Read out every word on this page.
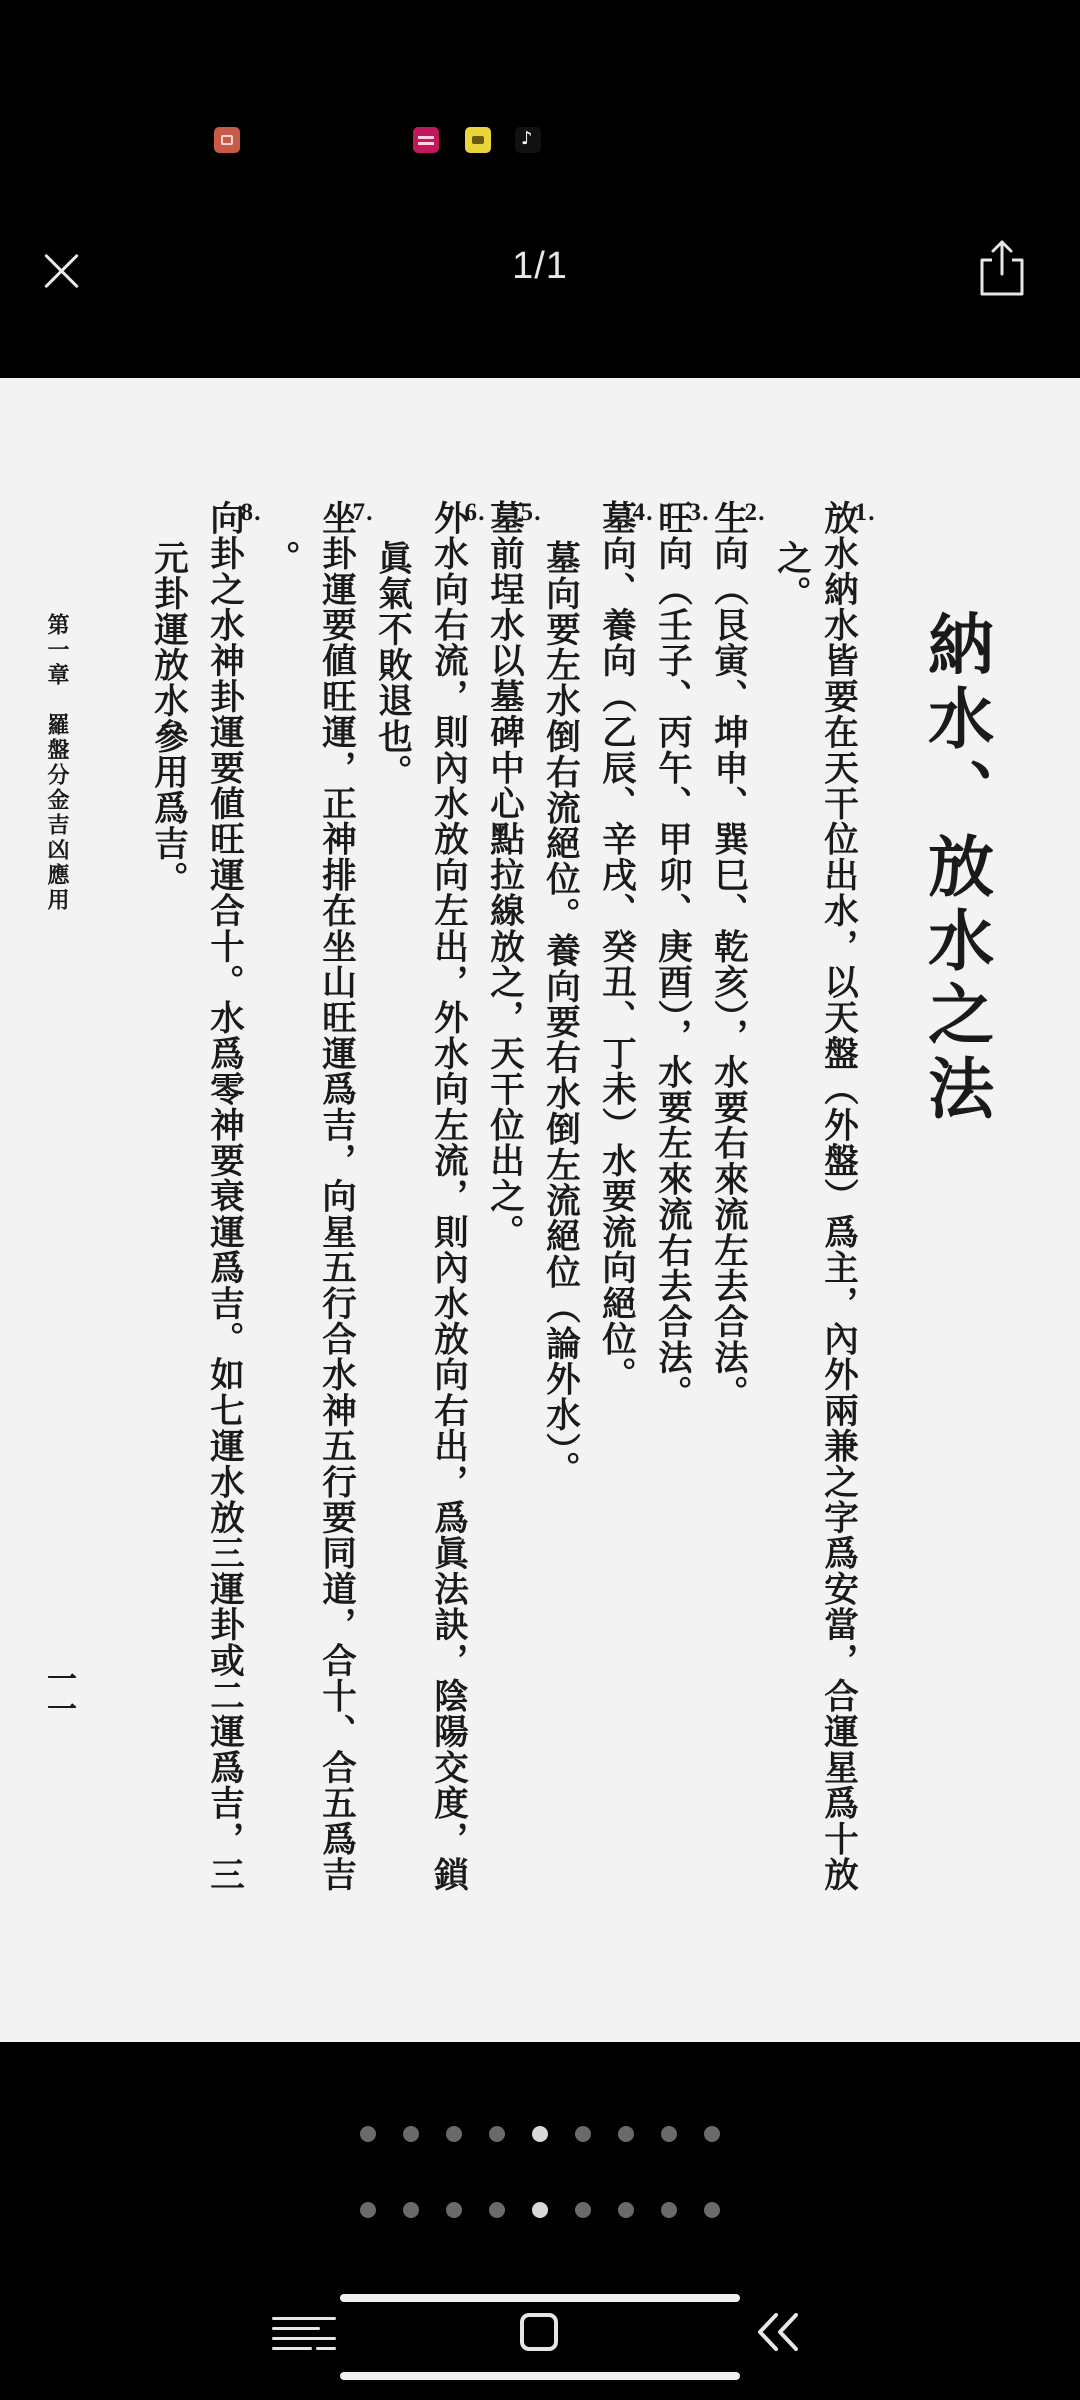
♪
1/1
納水、放水之法
第一章　羅盤分金吉凶應用
一一
1.
放水納水皆要在天干位出水，以天盤（外盤）爲主，內外兩兼之字爲安當，合運星爲十放
之。
2.
生向（艮寅、坤申、巽巳、乾亥），水要右來流左去合法。
3.
旺向（壬子、丙午、甲卯、庚酉），水要左來流右去合法。
4.
墓向、養向（乙辰、辛戌、癸丑、丁未）水要流向絕位。
墓向要左水倒右流絕位。養向要右水倒左流絕位（論外水）。
5.
墓前埕水以墓碑中心點拉線放之，天干位出之。
6.
外水向右流，則內水放向左出，外水向左流，則內水放向右出，爲眞法訣，陰陽交度，鎖
眞氣不敗退也。
7.
坐卦運要値旺運，正神排在坐山旺運爲吉，向星五行合水神五行要同道，合十、合五爲吉
。
8.
向卦之水神卦運要値旺運合十。水爲零神要衰運爲吉。如七運水放三運卦或二運爲吉，三
元卦運放水參用爲吉。
